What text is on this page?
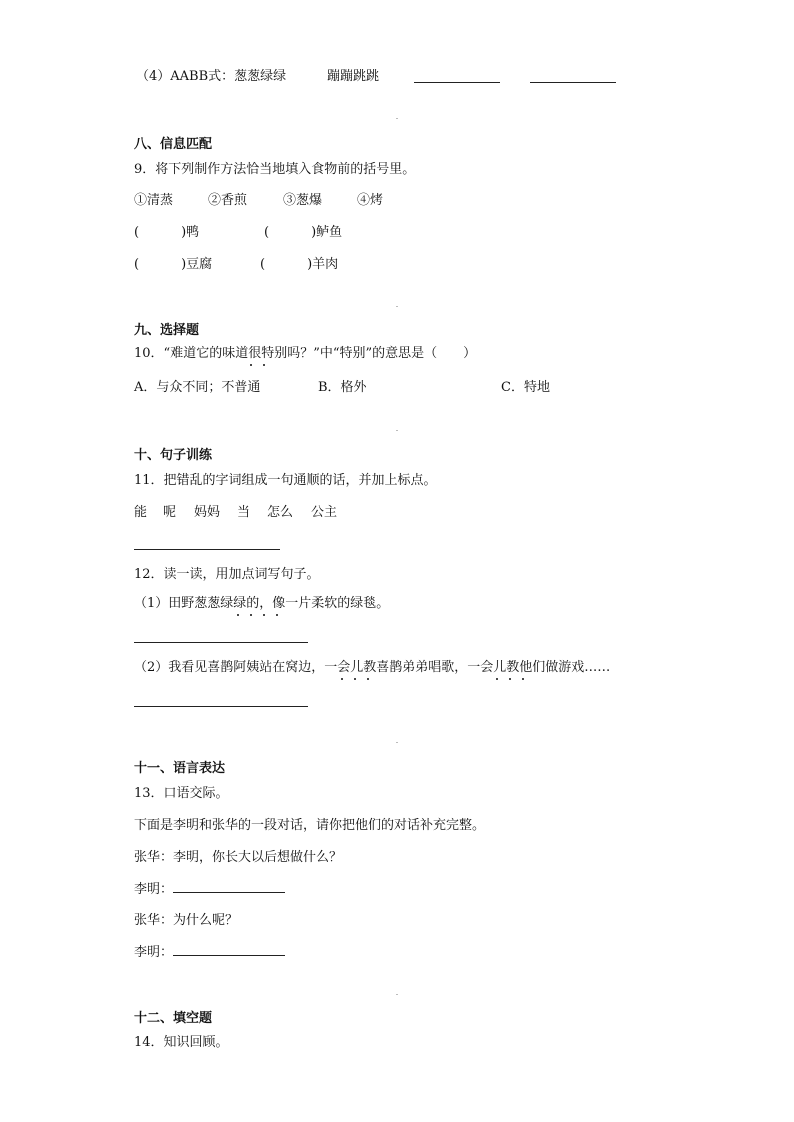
（4）AABB式：葱葱绿绿	蹦蹦跳跳
八、信息匹配
9．将下列制作方法恰当地填入食物前的括号里。
①清蒸	②香煎	③葱爆	④烤
(	)鸭	(	)鲈鱼
(	)豆腐	(	)羊肉
九、选择题
10．“难道它的味道很特别吗？”中“特别”的意思是（　　）
A．与众不同；不普通	B．格外	C．特地
十、句子训练
11．把错乱的字词组成一句通顺的话，并加上标点。
能 呢 妈妈 当 怎么 公主
12．读一读，用加点词写句子。
（1）田野葱葱绿绿的，像一片柔软的绿毯。
（2）我看见喜鹊阿姨站在窝边，一会儿教喜鹊弟弟唱歌，一会儿教他们做游戏……
十一、语言表达
13．口语交际。
下面是李明和张华的一段对话，请你把他们的对话补充完整。
张华：李明，你长大以后想做什么？
李明：
张华：为什么呢？
李明：
十二、填空题
14．知识回顾。
